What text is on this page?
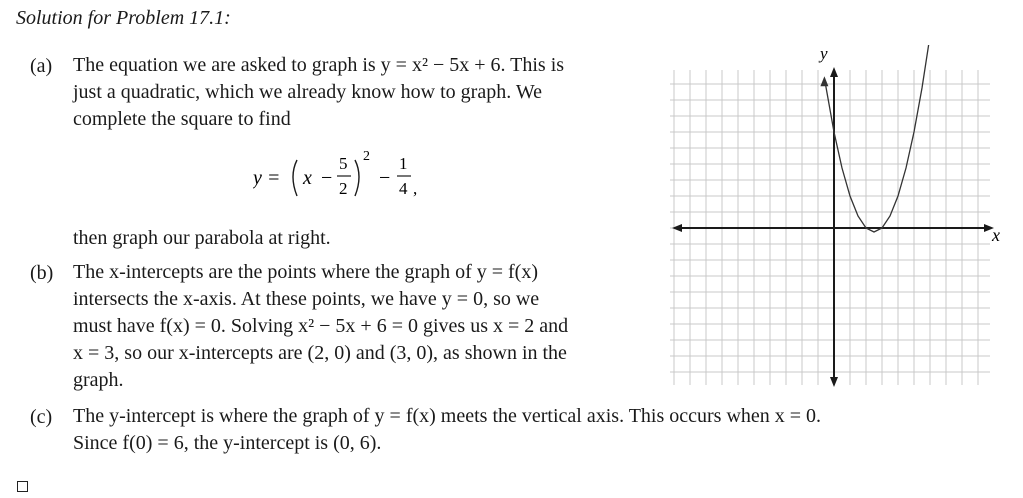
Solution for Problem 17.1:
(a) The equation we are asked to graph is y = x² − 5x + 6. This is
just a quadratic, which we already know how to graph. We
complete the square to find
y = x −
5
2
2
−
1
4 ,
then graph our parabola at right.
(b) The x-intercepts are the points where the graph of y = f(x)
intersects the x-axis. At these points, we have y = 0, so we
must have f(x) = 0. Solving x² − 5x + 6 = 0 gives us x = 2 and
x = 3, so our x-intercepts are (2, 0) and (3, 0), as shown in the
graph.
(c) The y-intercept is where the graph of y = f(x) meets the vertical axis. This occurs when x = 0.
Since f(0) = 6, the y-intercept is (0, 6).
x
y
